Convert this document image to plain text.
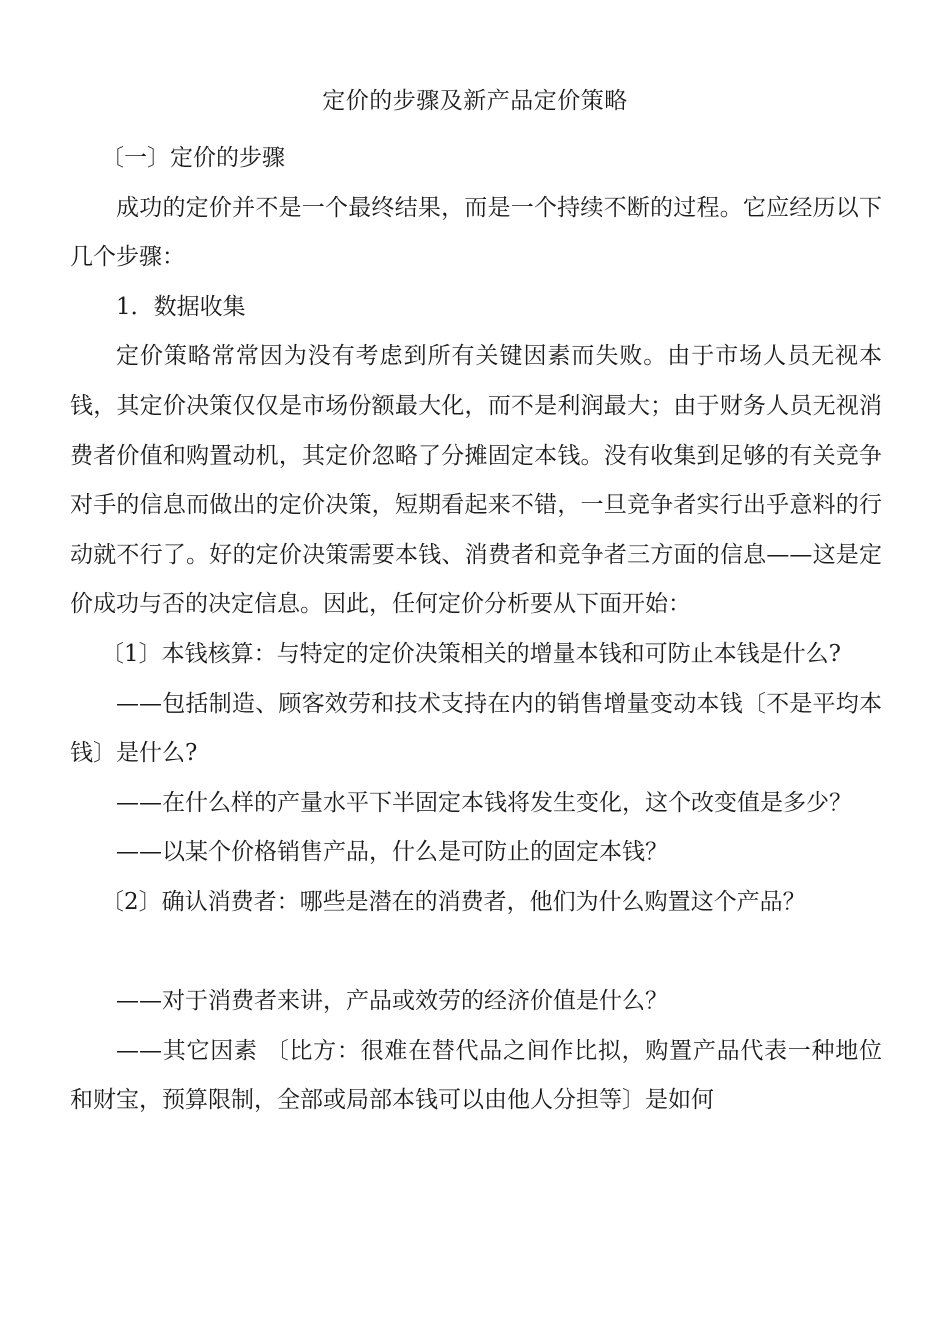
定价的步骤及新产品定价策略

〔一〕定价的步骤

成功的定价并不是一个最终结果，而是一个持续不断的过程。它应经历以下几个步骤：

1．数据收集

定价策略常常因为没有考虑到所有关键因素而失败。由于市场人员无视本钱，其定价决策仅仅是市场份额最大化，而不是利润最大；由于财务人员无视消费者价值和购置动机，其定价忽略了分摊固定本钱。没有收集到足够的有关竞争对手的信息而做出的定价决策，短期看起来不错，一旦竞争者实行出乎意料的行动就不行了。好的定价决策需要本钱、消费者和竞争者三方面的信息——这是定价成功与否的决定信息。因此，任何定价分析要从下面开始：

〔1〕本钱核算：与特定的定价决策相关的增量本钱和可防止本钱是什么?

——包括制造、顾客效劳和技术支持在内的销售增量变动本钱〔不是平均本钱〕是什么?

——在什么样的产量水平下半固定本钱将发生变化，这个改变值是多少？

——以某个价格销售产品，什么是可防止的固定本钱？

〔2〕确认消费者：哪些是潜在的消费者，他们为什么购置这个产品？

——对于消费者来讲，产品或效劳的经济价值是什么？

——其它因素 〔比方：很难在替代品之间作比拟，购置产品代表一种地位和财宝，预算限制，全部或局部本钱可以由他人分担等〕是如何
